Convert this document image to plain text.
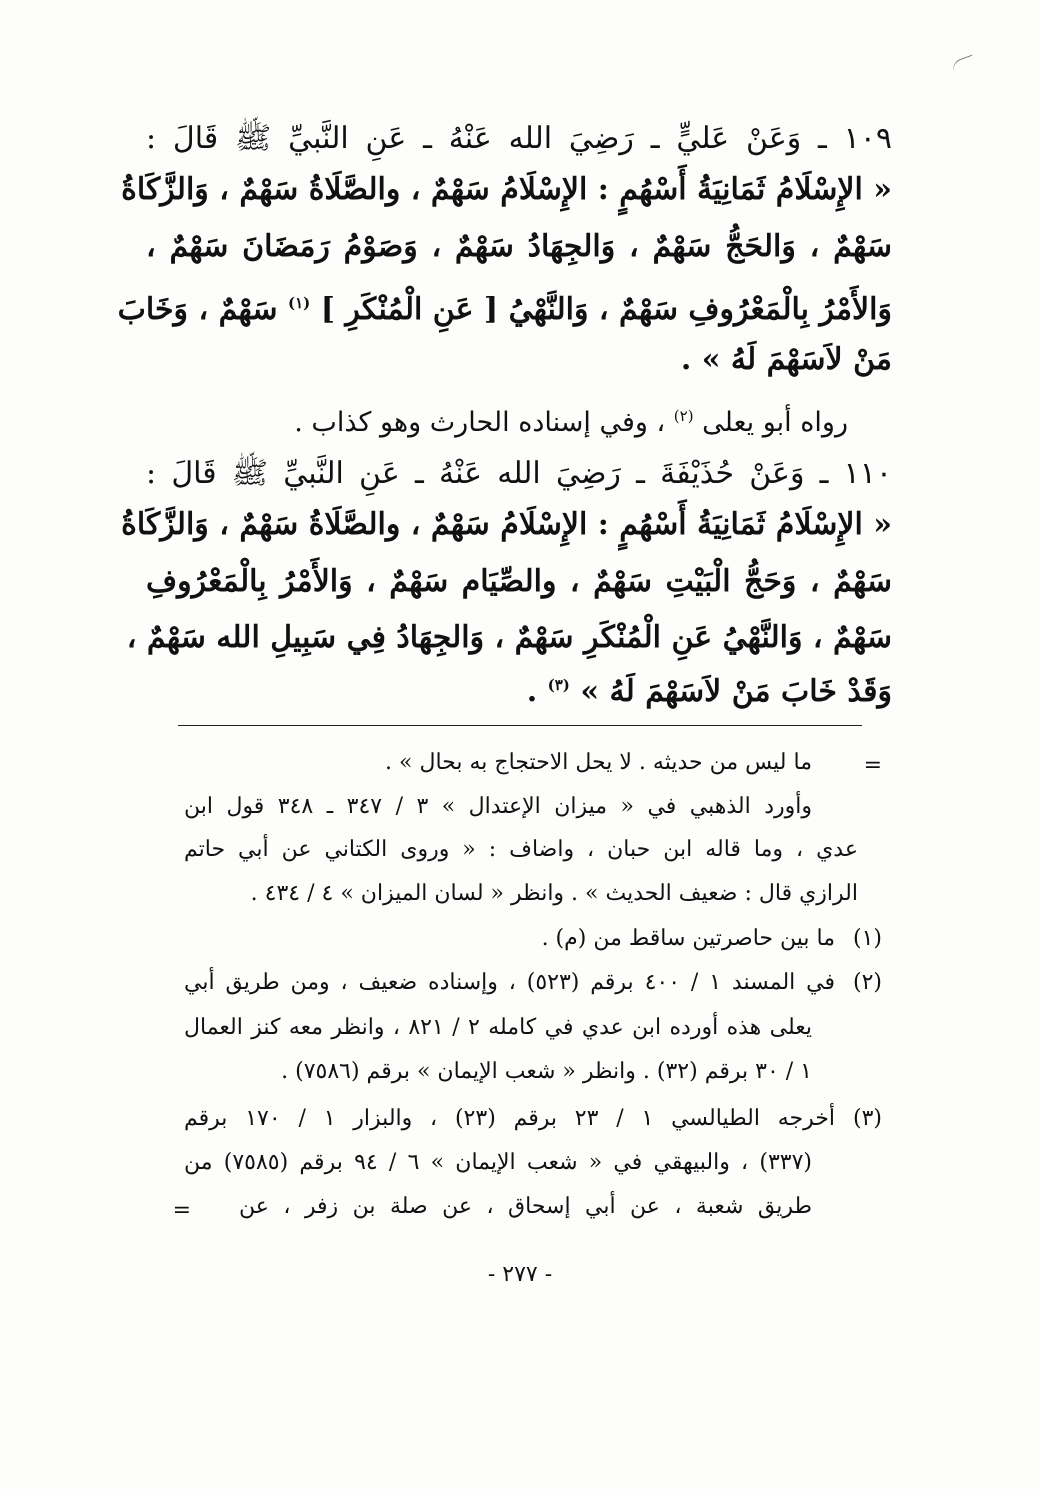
١٠٩ ـ وَعَنْ عَليٍّ ـ رَضِيَ الله عَنْهُ ـ عَنِ النَّبيِّ ﷺ قَالَ :
« الإِسْلَامُ ثَمَانِيَةُ أَسْهُمٍ : الإِسْلَامُ سَهْمٌ ، والصَّلَاةُ سَهْمٌ ، وَالزَّكَاةُ
سَهْمٌ ، وَالحَجُّ سَهْمٌ ، وَالجِهَادُ سَهْمٌ ، وَصَوْمُ رَمَضَانَ سَهْمٌ ،
وَالأَمْرُ بِالْمَعْرُوفِ سَهْمٌ ، وَالنَّهْيُ [ عَنِ الْمُنْكَرِ ] $^{(١)}$ سَهْمٌ ، وَخَابَ
مَنْ لاَسَهْمَ لَهُ » .
رواه أبو يعلى $^{(٢)}$ ، وفي إسناده الحارث وهو كذاب .
١١٠ ـ وَعَنْ حُذَيْفَةَ ـ رَضِيَ الله عَنْهُ ـ عَنِ النَّبيِّ ﷺ قَالَ :
« الإِسْلَامُ ثَمَانِيَةُ أَسْهُمٍ : الإِسْلَامُ سَهْمٌ ، والصَّلَاةُ سَهْمٌ ، وَالزَّكَاةُ
سَهْمٌ ، وَحَجُّ الْبَيْتِ سَهْمٌ ، والصِّيَام سَهْمٌ ، وَالأَمْرُ بِالْمَعْرُوفِ
سَهْمٌ ، وَالنَّهْيُ عَنِ الْمُنْكَرِ سَهْمٌ ، وَالجِهَادُ فِي سَبِيلِ الله سَهْمٌ ،
وَقَدْ خَابَ مَنْ لاَسَهْمَ لَهُ » $^{(٣)}$ .
=
ما ليس من حديثه . لا يحل الاحتجاج به بحال » .
وأورد الذهبي في « ميزان الإعتدال » ٣ / ٣٤٧ ـ ٣٤٨ قول ابن
عدي ، وما قاله ابن حبان ، واضاف : « وروى الكتاني عن أبي حاتم
الرازي قال : ضعيف الحديث » . وانظر « لسان الميزان » ٤ / ٤٣٤ .
(١)
ما بين حاصرتين ساقط من (م) .
(٢)
في المسند ١ / ٤٠٠ برقم (٥٢٣) ، وإسناده ضعيف ، ومن طريق أبي
يعلى هذه أورده ابن عدي في كامله ٢ / ٨٢١ ، وانظر معه كنز العمال
١ / ٣٠ برقم (٣٢) . وانظر « شعب الإيمان » برقم (٧٥٨٦) .
(٣)
أخرجه الطيالسي ١ / ٢٣ برقم (٢٣) ، والبزار ١ / ١٧٠ برقم
(٣٣٧) ، والبيهقي في « شعب الإيمان » ٦ / ٩٤ برقم (٧٥٨٥) من
طريق شعبة ، عن أبي إسحاق ، عن صلة بن زفر ، عن
=
- ٢٧٧ -
